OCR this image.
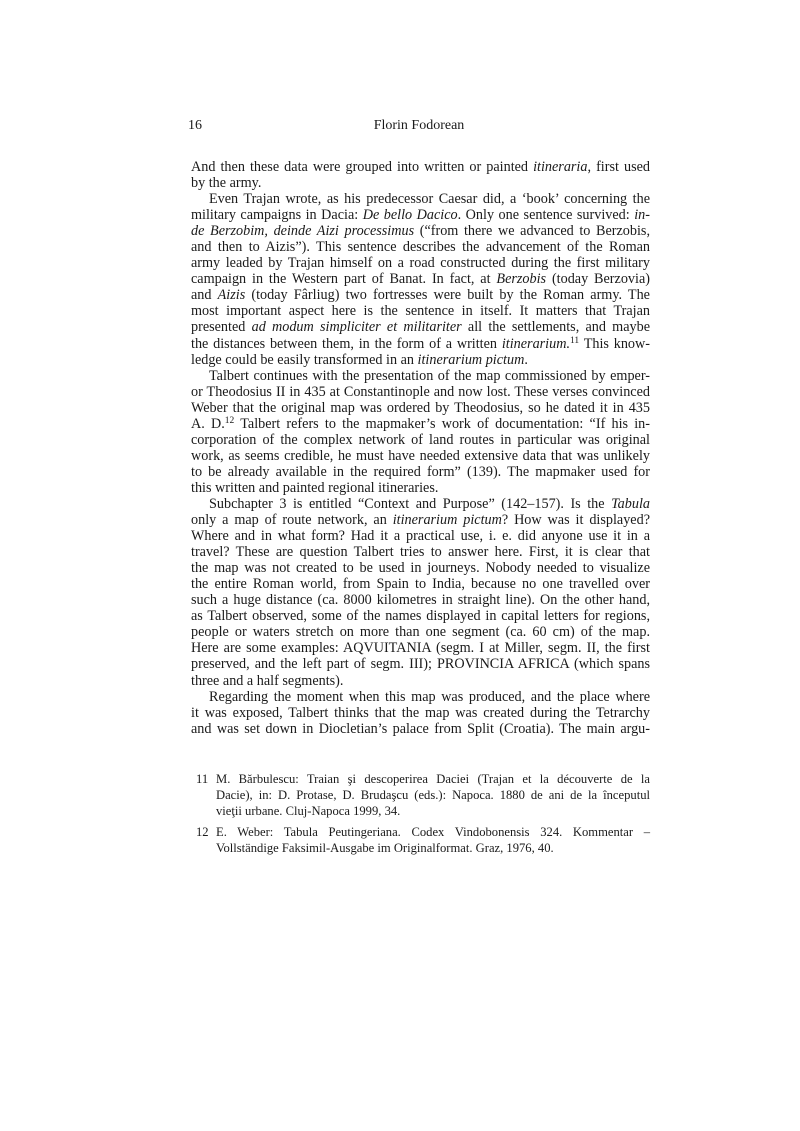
16	Florin Fodorean
And then these data were grouped into written or painted itineraria, first used
by the army.
Even Trajan wrote, as his predecessor Caesar did, a ‘book’ concerning the
military campaigns in Dacia: De bello Dacico. Only one sentence survived: in-
de Berzobim, deinde Aizi processimus (“from there we advanced to Berzobis,
and then to Aizis”). This sentence describes the advancement of the Roman
army leaded by Trajan himself on a road constructed during the first military
campaign in the Western part of Banat. In fact, at Berzobis (today Berzovia)
and Aizis (today Fârliug) two fortresses were built by the Roman army. The
most important aspect here is the sentence in itself. It matters that Trajan
presented ad modum simpliciter et militariter all the settlements, and maybe
the distances between them, in the form of a written itinerarium.$^{11}$ This know-
ledge could be easily transformed in an itinerarium pictum.
Talbert continues with the presentation of the map commissioned by emper-
or Theodosius II in 435 at Constantinople and now lost. These verses convinced
Weber that the original map was ordered by Theodosius, so he dated it in 435
A. D.$^{12}$ Talbert refers to the mapmaker’s work of documentation: “If his in-
corporation of the complex network of land routes in particular was original
work, as seems credible, he must have needed extensive data that was unlikely
to be already available in the required form” (139). The mapmaker used for
this written and painted regional itineraries.
Subchapter 3 is entitled “Context and Purpose” (142–157). Is the Tabula
only a map of route network, an itinerarium pictum? How was it displayed?
Where and in what form? Had it a practical use, i. e. did anyone use it in a
travel? These are question Talbert tries to answer here. First, it is clear that
the map was not created to be used in journeys. Nobody needed to visualize
the entire Roman world, from Spain to India, because no one travelled over
such a huge distance (ca. 8000 kilometres in straight line). On the other hand,
as Talbert observed, some of the names displayed in capital letters for regions,
people or waters stretch on more than one segment (ca. 60 cm) of the map.
Here are some examples: AQVUITANIA (segm. I at Miller, segm. II, the first
preserved, and the left part of segm. III); PROVINCIA AFRICA (which spans
three and a half segments).
Regarding the moment when this map was produced, and the place where
it was exposed, Talbert thinks that the map was created during the Tetrarchy
and was set down in Diocletian’s palace from Split (Croatia). The main argu-
11 M. Bărbulescu: Traian şi descoperirea Daciei (Trajan et la découverte de la
Dacie), in: D. Protase, D. Brudaşcu (eds.): Napoca. 1880 de ani de la începutul
vieţii urbane. Cluj-Napoca 1999, 34.
12 E. Weber: Tabula Peutingeriana. Codex Vindobonensis 324. Kommentar –
Vollständige Faksimil-Ausgabe im Originalformat. Graz, 1976, 40.
